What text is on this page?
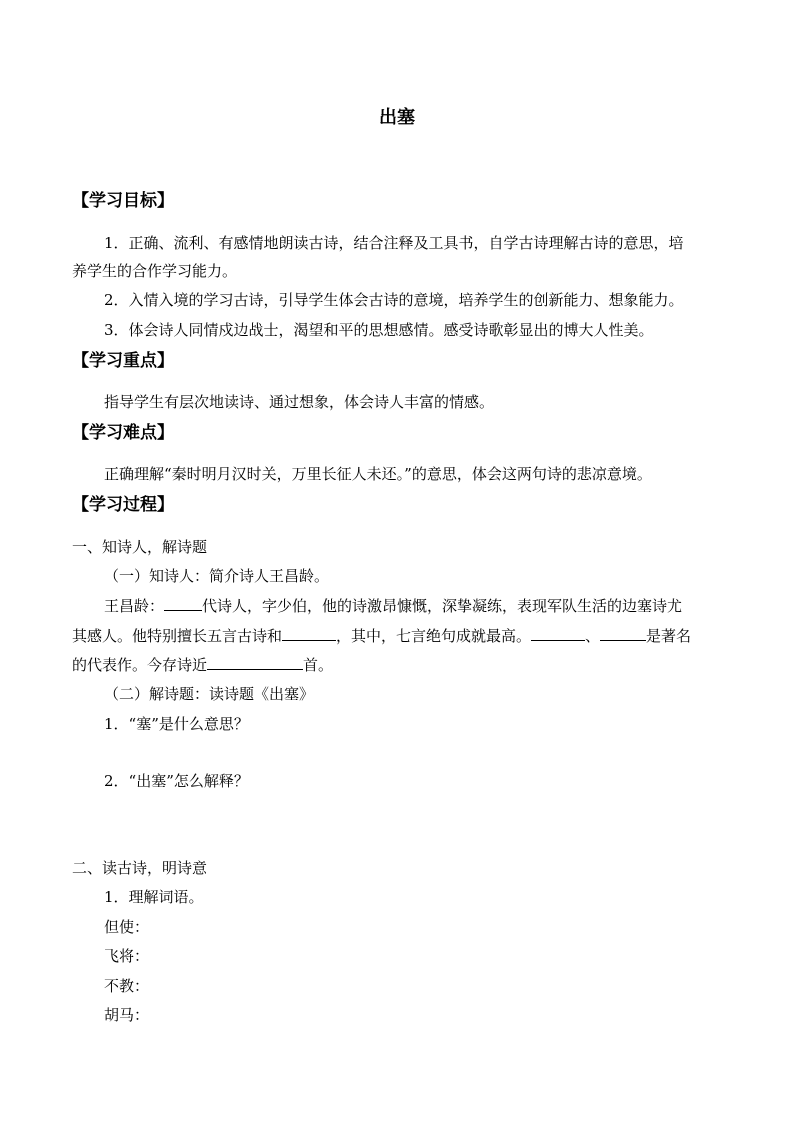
出塞
【学习目标】
1．正确、流利、有感情地朗读古诗，结合注释及工具书，自学古诗理解古诗的意思，培
养学生的合作学习能力。
2．入情入境的学习古诗，引导学生体会古诗的意境，培养学生的创新能力、想象能力。
3．体会诗人同情戍边战士，渴望和平的思想感情。感受诗歌彰显出的博大人性美。
【学习重点】
指导学生有层次地读诗、通过想象，体会诗人丰富的情感。
【学习难点】
正确理解“秦时明月汉时关，万里长征人未还。”的意思，体会这两句诗的悲凉意境。
【学习过程】
一、知诗人，解诗题
（一）知诗人：简介诗人王昌龄。
王昌龄：	代诗人，字少伯，他的诗激昂慷慨，深挚凝练，表现军队生活的边塞诗尤
其感人。他特别擅长五言古诗和	，其中，七言绝句成就最高。	、	是著名
的代表作。今存诗近	首。
（二）解诗题：读诗题《出塞》
1．“塞”是什么意思？
2．“出塞”怎么解释？
二、读古诗，明诗意
1．理解词语。
但使：
飞将：
不教：
胡马：
